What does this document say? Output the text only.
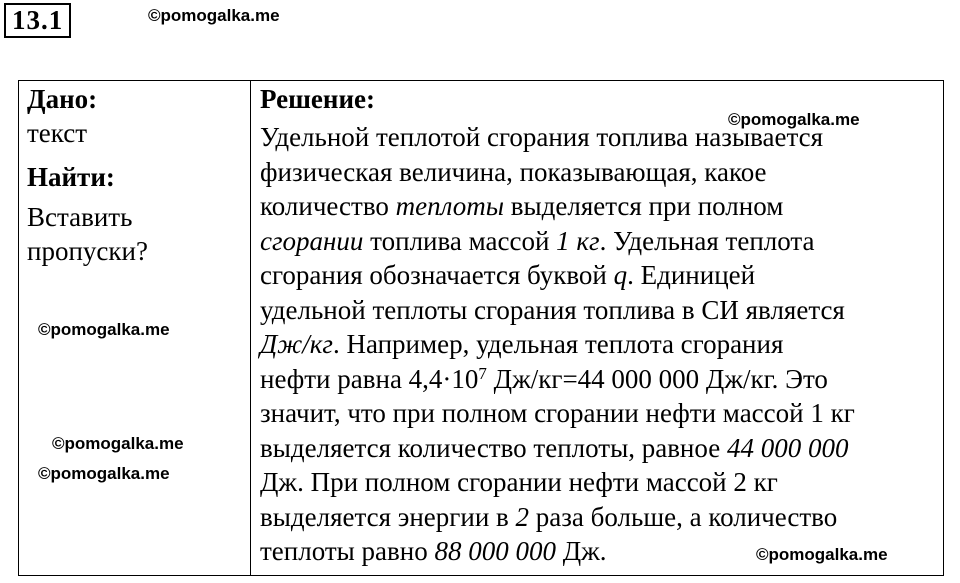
13.1	©pomogalka.me
Дано:
текст
Найти:
Вставить
пропуски?
©pomogalka.me
©pomogalka.me
©pomogalka.me
Решение:
Удельной теплотой сгорания топлива называется
физическая величина, показывающая, какое
количество теплоты выделяется при полном
сгорании топлива массой 1 кг. Удельная теплота
сгорания обозначается буквой q. Единицей
удельной теплоты сгорания топлива в СИ является
Дж/кг. Например, удельная теплота сгорания
нефти равна $4,4\cdot 10^7$ Дж/кг=44 000 000 Дж/кг. Это
значит, что при полном сгорании нефти массой 1 кг
выделяется количество теплоты, равное 44 000 000
Дж. При полном сгорании нефти массой 2 кг
выделяется энергии в 2 раза больше, а количество
теплоты равно 88 000 000 Дж.
©pomogalka.me
©pomogalka.me
